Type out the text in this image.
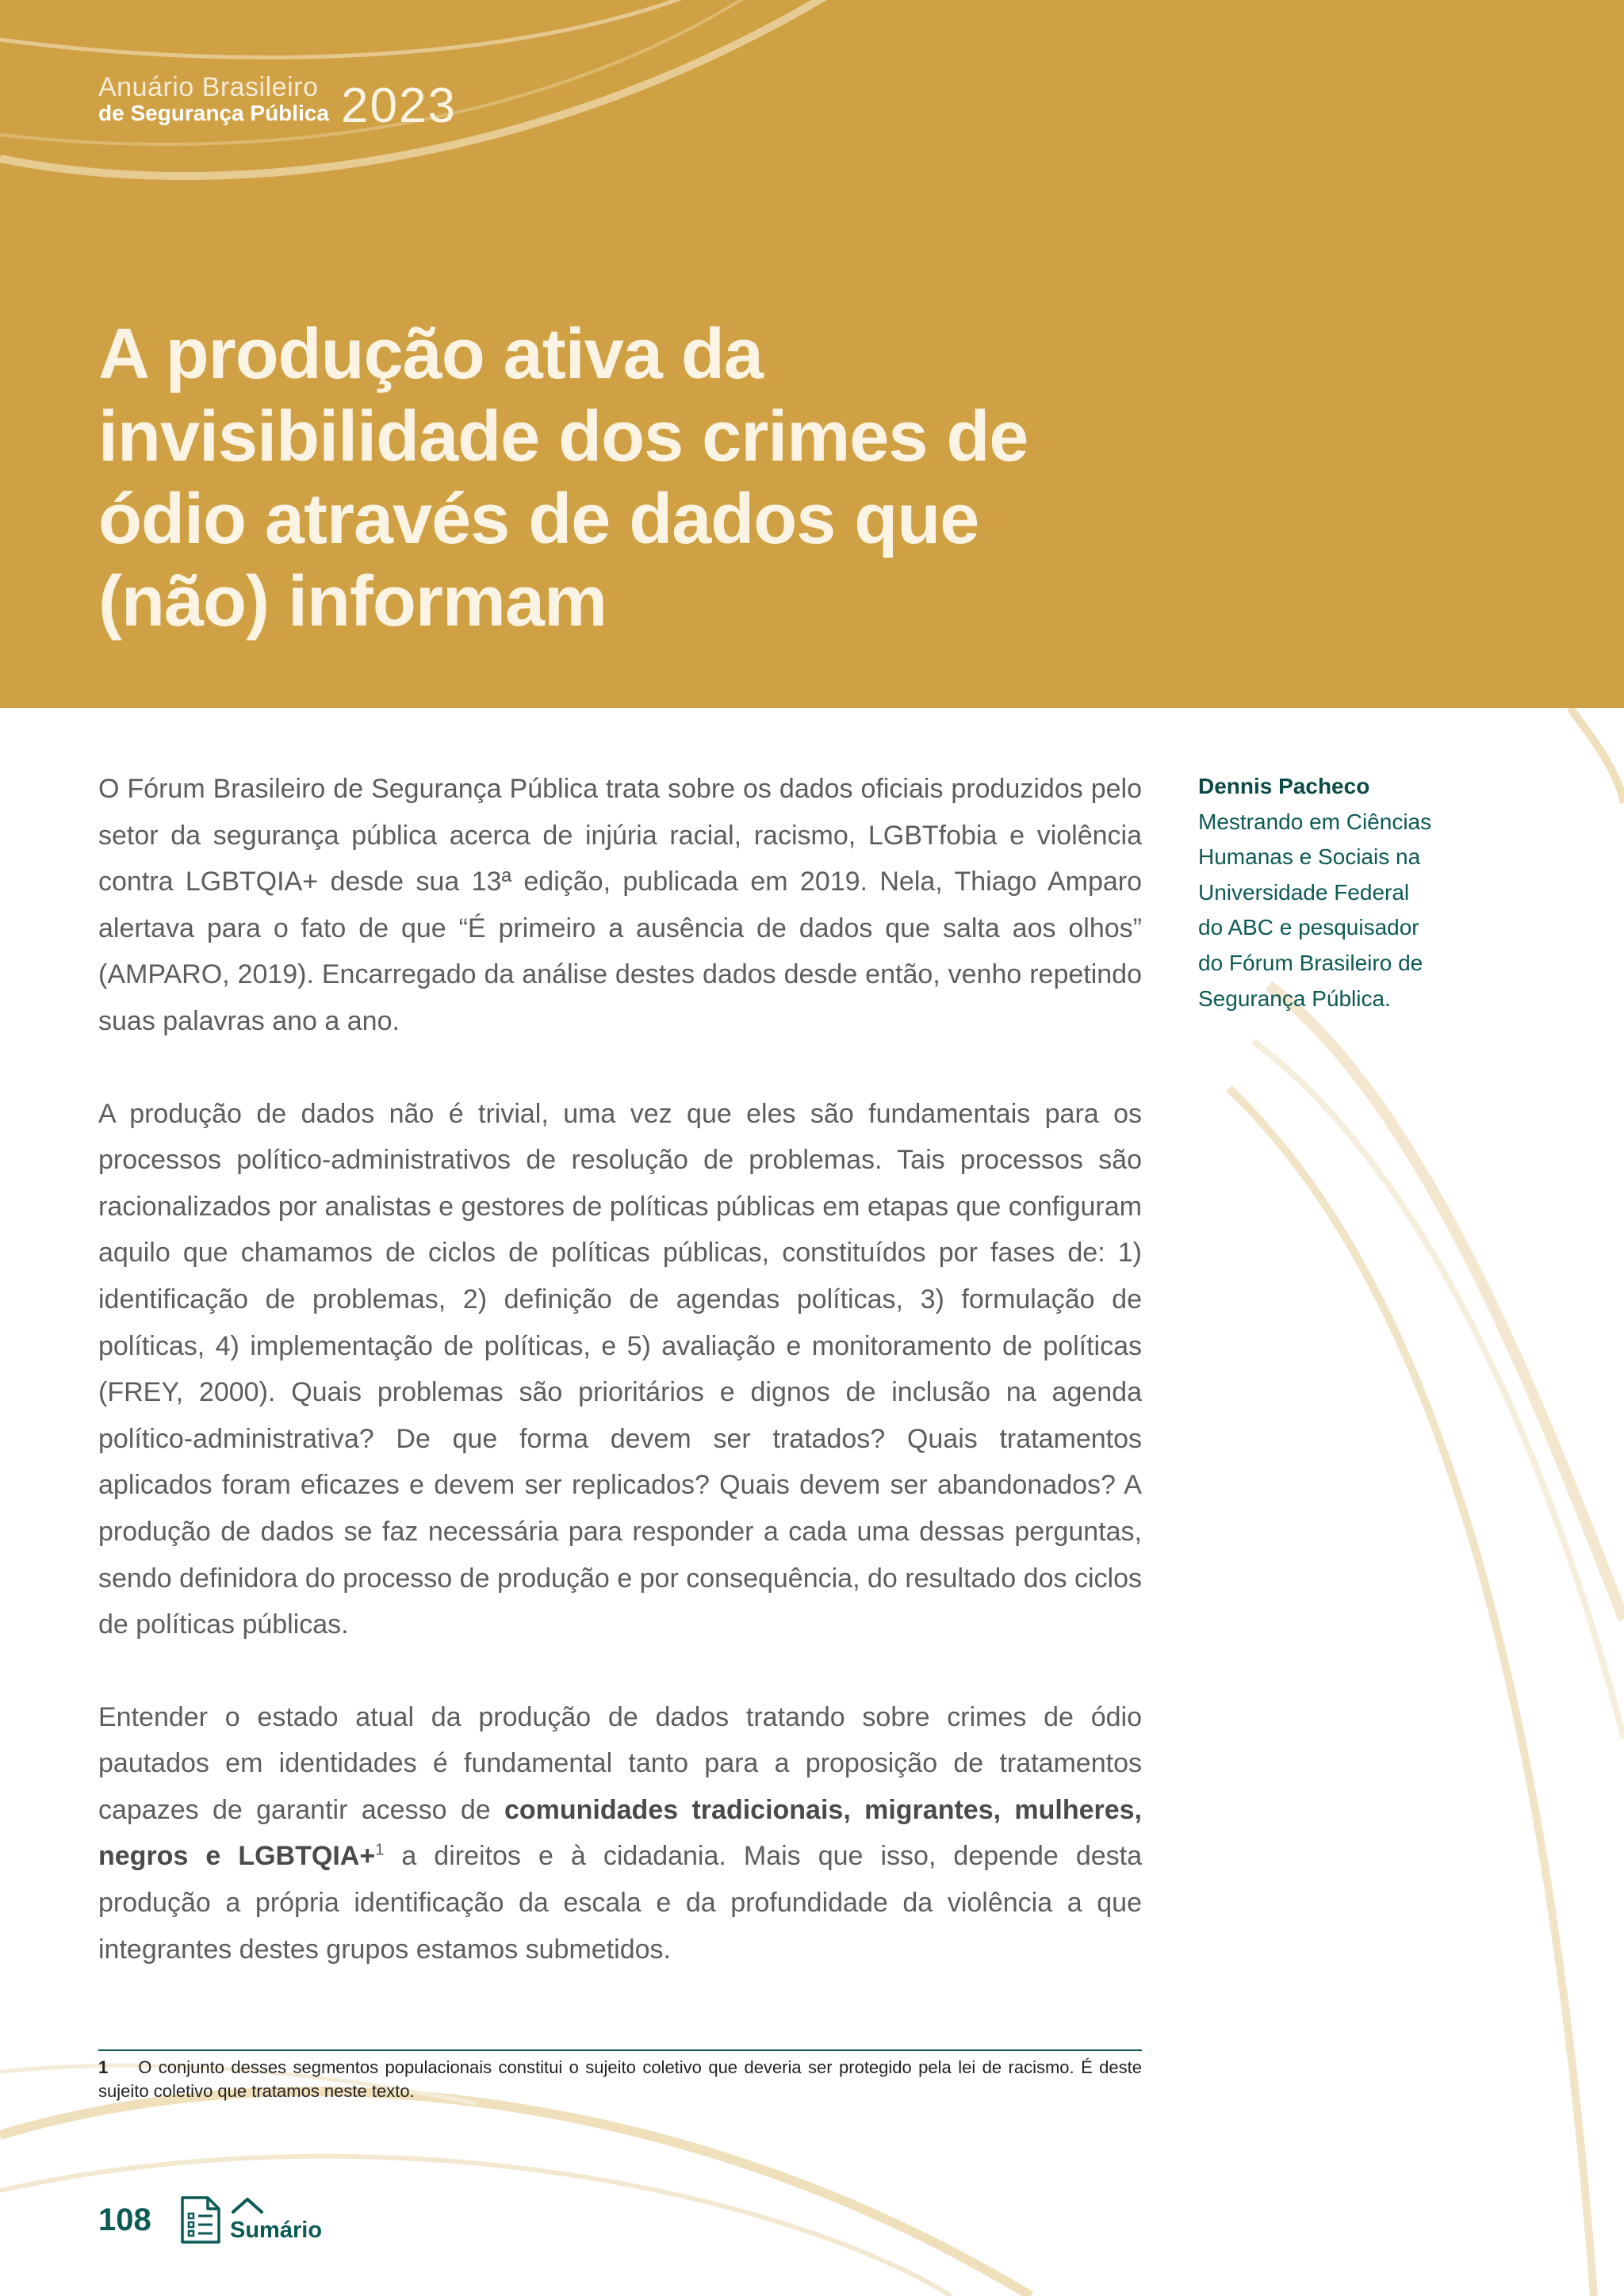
Anuário Brasileiro
de Segurança Pública 2023
A produção ativa da invisibilidade dos crimes de ódio através de dados que (não) informam

O Fórum Brasileiro de Segurança Pública trata sobre os dados oficiais produzidos pelo setor da segurança pública acerca de injúria racial, racismo, LGBTfobia e violência contra LGBTQIA+ desde sua 13ª edição, publicada em 2019. Nela, Thiago Amparo alertava para o fato de que “É primeiro a ausência de dados que salta aos olhos” (AMPARO, 2019). Encarregado da análise destes dados desde então, venho repetindo suas palavras ano a ano.

A produção de dados não é trivial, uma vez que eles são fundamentais para os processos político-administrativos de resolução de problemas. Tais processos são racionalizados por analistas e gestores de políticas públicas em etapas que configuram aquilo que chamamos de ciclos de políticas públicas, constituídos por fases de: 1) identificação de problemas, 2) definição de agendas políticas, 3) formulação de políticas, 4) implementação de políticas, e 5) avaliação e monitoramento de políticas (FREY, 2000). Quais problemas são prioritários e dignos de inclusão na agenda político-administrativa? De que forma devem ser tratados? Quais tratamentos aplicados foram eficazes e devem ser replicados? Quais devem ser abandonados? A produção de dados se faz necessária para responder a cada uma dessas perguntas, sendo definidora do processo de produção e por consequência, do resultado dos ciclos de políticas públicas.

Entender o estado atual da produção de dados tratando sobre crimes de ódio pautados em identidades é fundamental tanto para a proposição de tratamentos capazes de garantir acesso de comunidades tradicionais, migrantes, mulheres, negros e LGBTQIA+$^1$ a direitos e à cidadania. Mais que isso, depende desta produção a própria identificação da escala e da profundidade da violência a que integrantes destes grupos estamos submetidos.

Dennis Pacheco
Mestrando em Ciências Humanas e Sociais na Universidade Federal do ABC e pesquisador do Fórum Brasileiro de Segurança Pública.
1 O conjunto desses segmentos populacionais constitui o sujeito coletivo que deveria ser protegido pela lei de racismo. É deste sujeito coletivo que tratamos neste texto.
108	Sumário
